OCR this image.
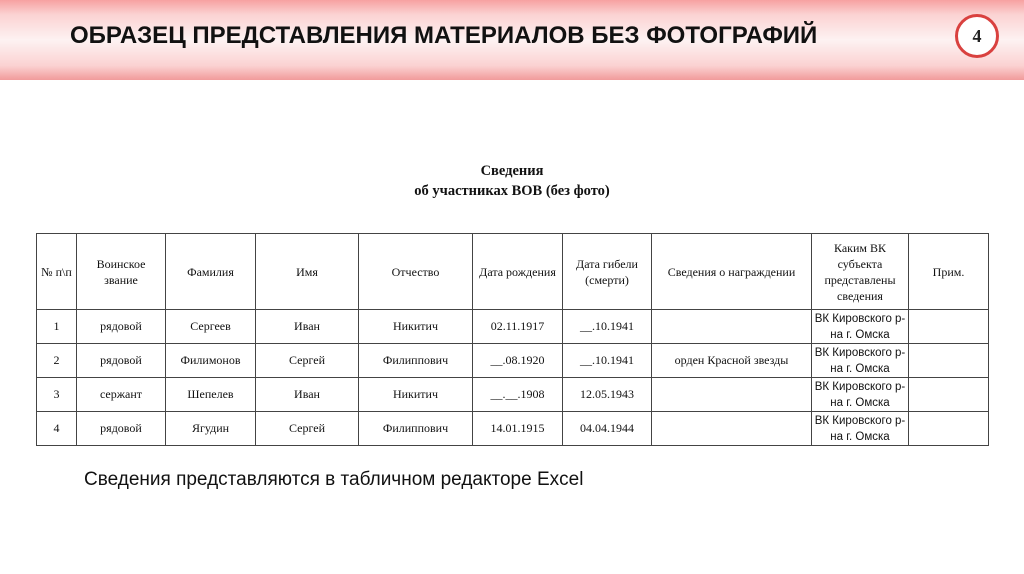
ОБРАЗЕЦ ПРЕДСТАВЛЕНИЯ МАТЕРИАЛОВ БЕЗ ФОТОГРАФИЙ	4
Сведения
об участниках ВОВ (без фото)
№ п\п	Воинское звание	Фамилия	Имя	Отчество	Дата рождения	Дата гибели (смерти)	Сведения о награждении	Каким ВК субъекта представлены сведения	Прим.
1	рядовой	Сергеев	Иван	Никитич	02.11.1917	__.10.1941		ВК Кировского р-на г. Омска	
2	рядовой	Филимонов	Сергей	Филиппович	__.08.1920	__.10.1941	орден Красной звезды	ВК Кировского р-на г. Омска	
3	сержант	Шепелев	Иван	Никитич	__.__.1908	12.05.1943		ВК Кировского р-на г. Омска	
4	рядовой	Ягудин	Сергей	Филиппович	14.01.1915	04.04.1944		ВК Кировского р-на г. Омска	
Сведения представляются в табличном редакторе Excel
